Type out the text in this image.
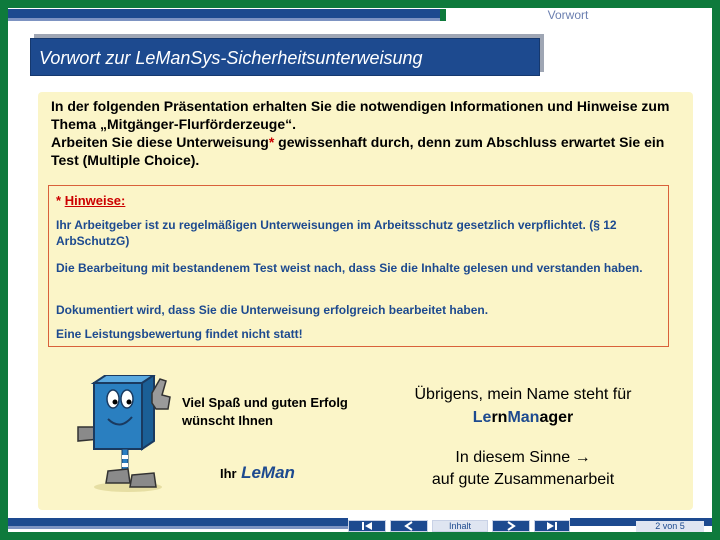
Vorwort
Vorwort zur LeManSys-Sicherheitsunterweisung

In der folgenden Präsentation erhalten Sie die notwendigen Informationen und Hinweise zum Thema „Mitgänger-Flurförderzeuge“.

Arbeiten Sie diese Unterweisung* gewissenhaft durch, denn zum Abschluss erwartet Sie ein Test (Multiple Choice).

* Hinweise:
Ihr Arbeitgeber ist zu regelmäßigen Unterweisungen im Arbeitsschutz gesetzlich verpflichtet. (§ 12 ArbSchutzG)
Die Bearbeitung mit bestandenem Test weist nach, dass Sie die Inhalte gelesen und verstanden haben.
Dokumentiert wird, dass Sie die Unterweisung erfolgreich bearbeitet haben.
Eine Leistungsbewertung findet nicht statt!
Viel Spaß und guten Erfolg wünscht Ihnen
Ihr LeMan
Übrigens, mein Name steht für
LernManager

In diesem Sinne →

auf gute Zusammenarbeit

Inhalt	2 von 5
